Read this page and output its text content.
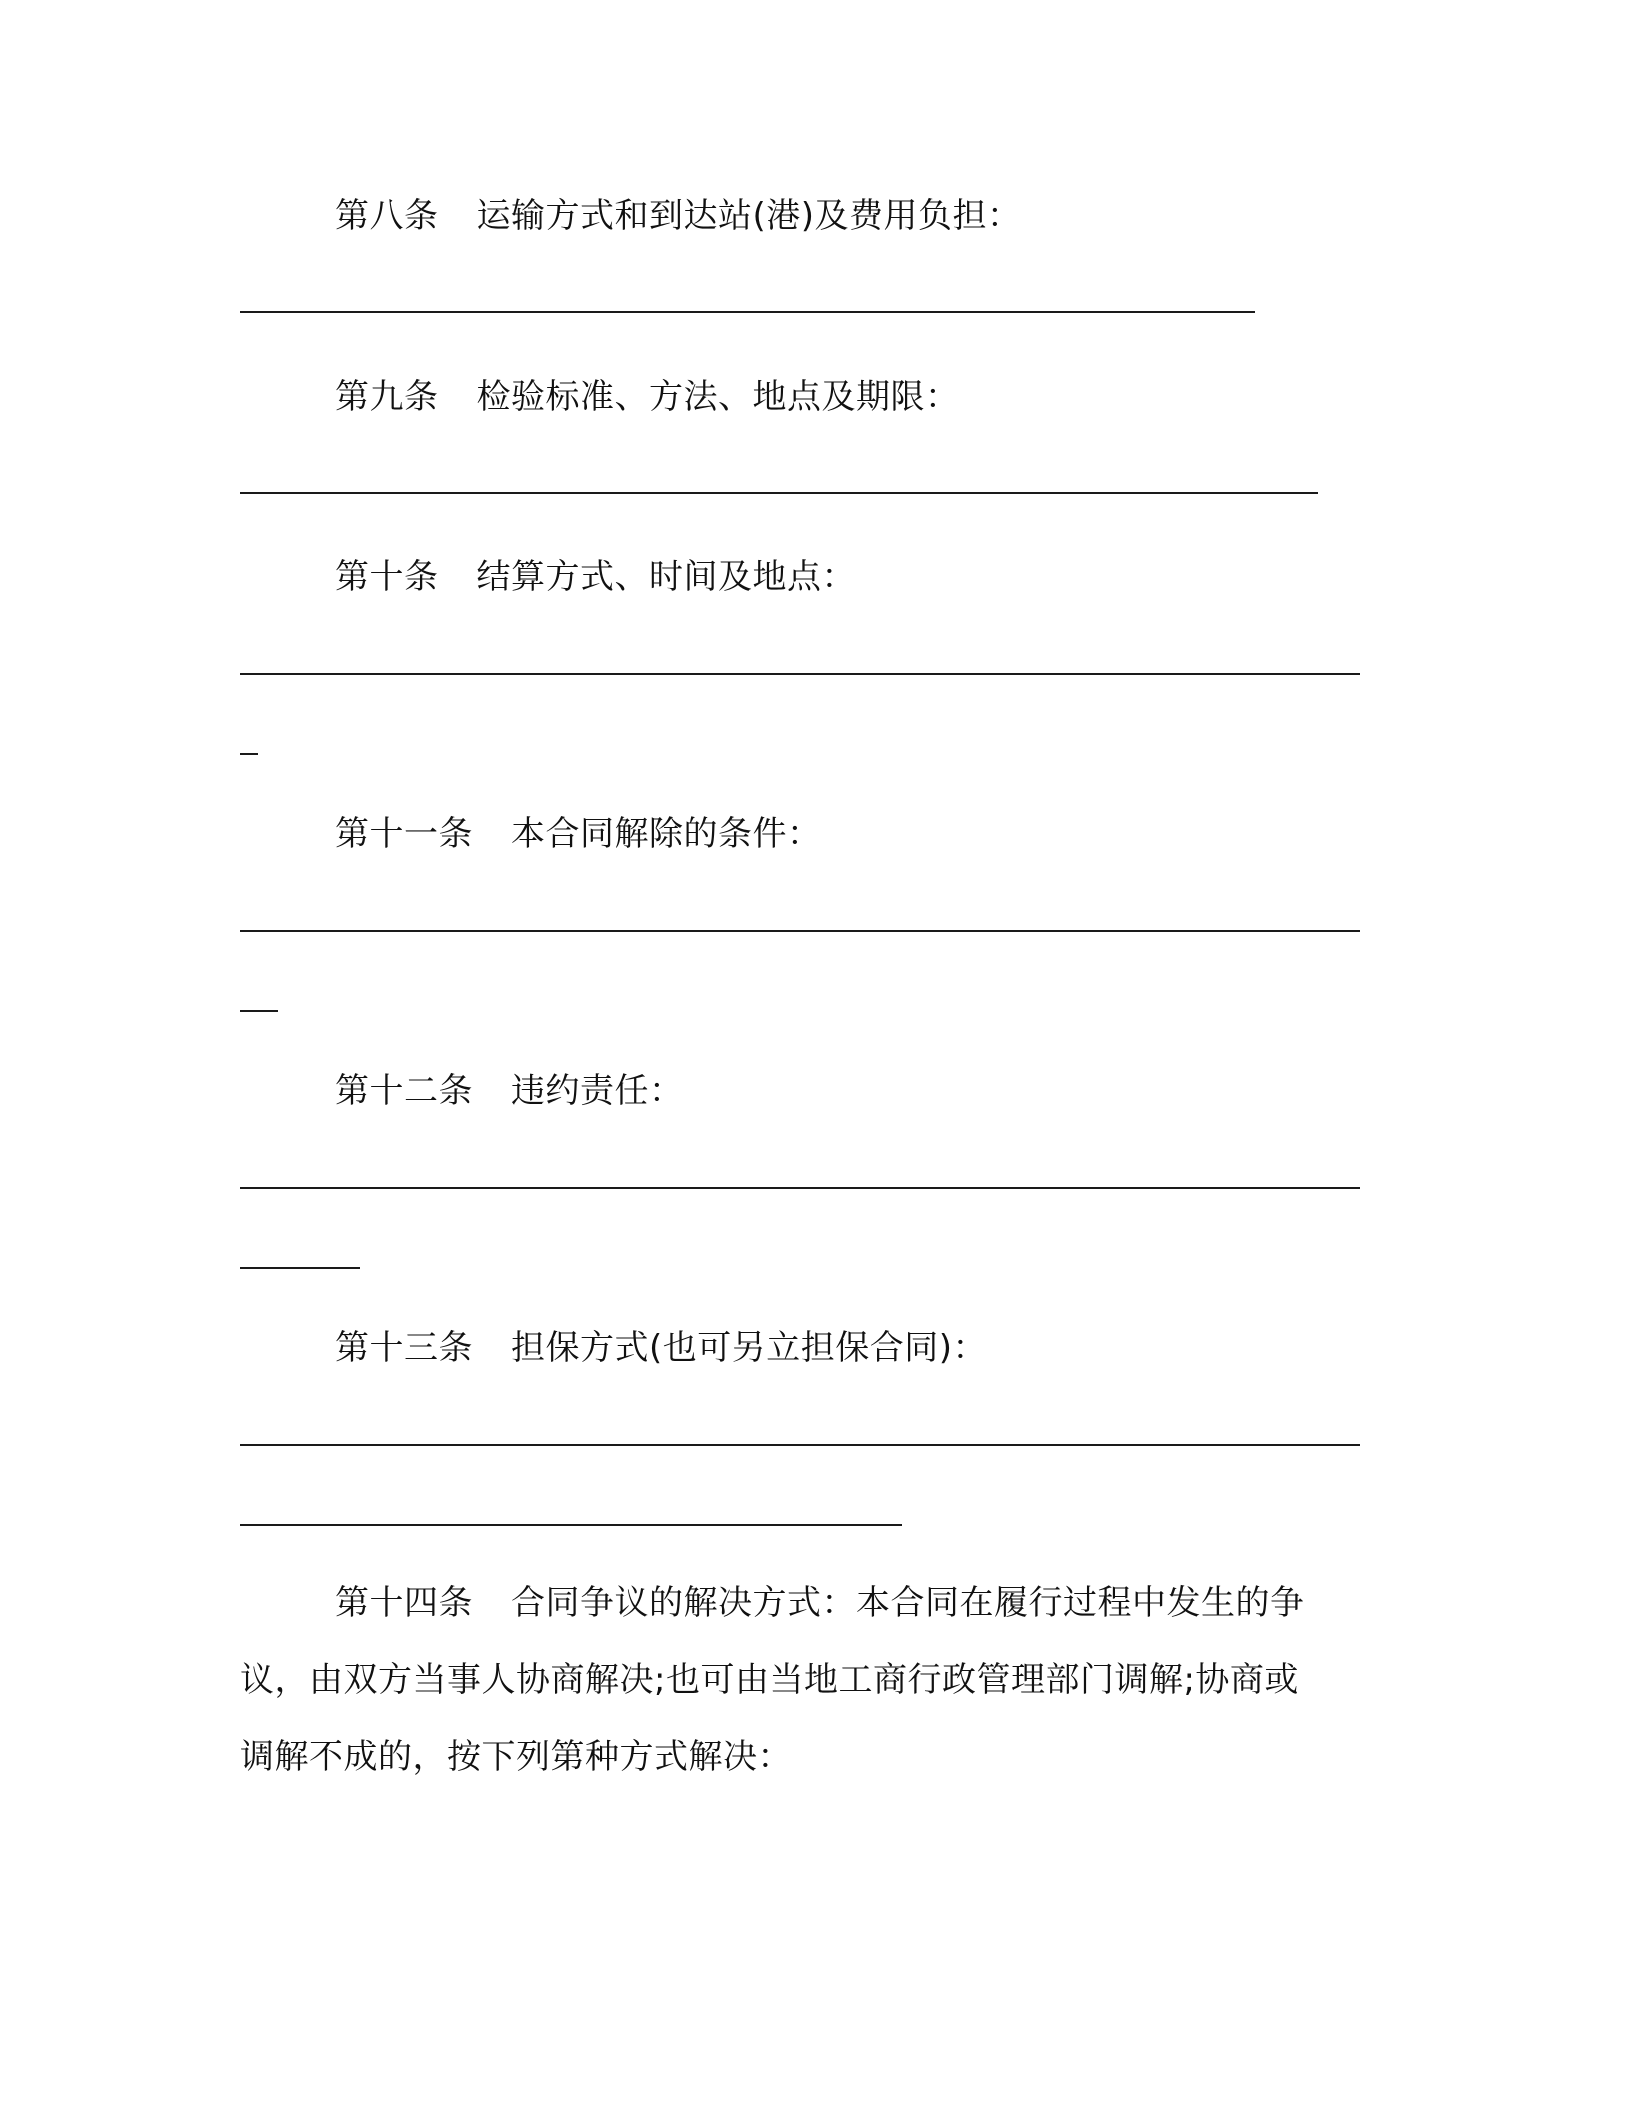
第八条 运输方式和到达站(港)及费用负担：
第九条 检验标准、方法、地点及期限：
第十条 结算方式、时间及地点：
第十一条 本合同解除的条件：
第十二条 违约责任：
第十三条 担保方式(也可另立担保合同)：
第十四条 合同争议的解决方式：本合同在履行过程中发生的争
议，由双方当事人协商解决;也可由当地工商行政管理部门调解;协商或
调解不成的，按下列第种方式解决：
